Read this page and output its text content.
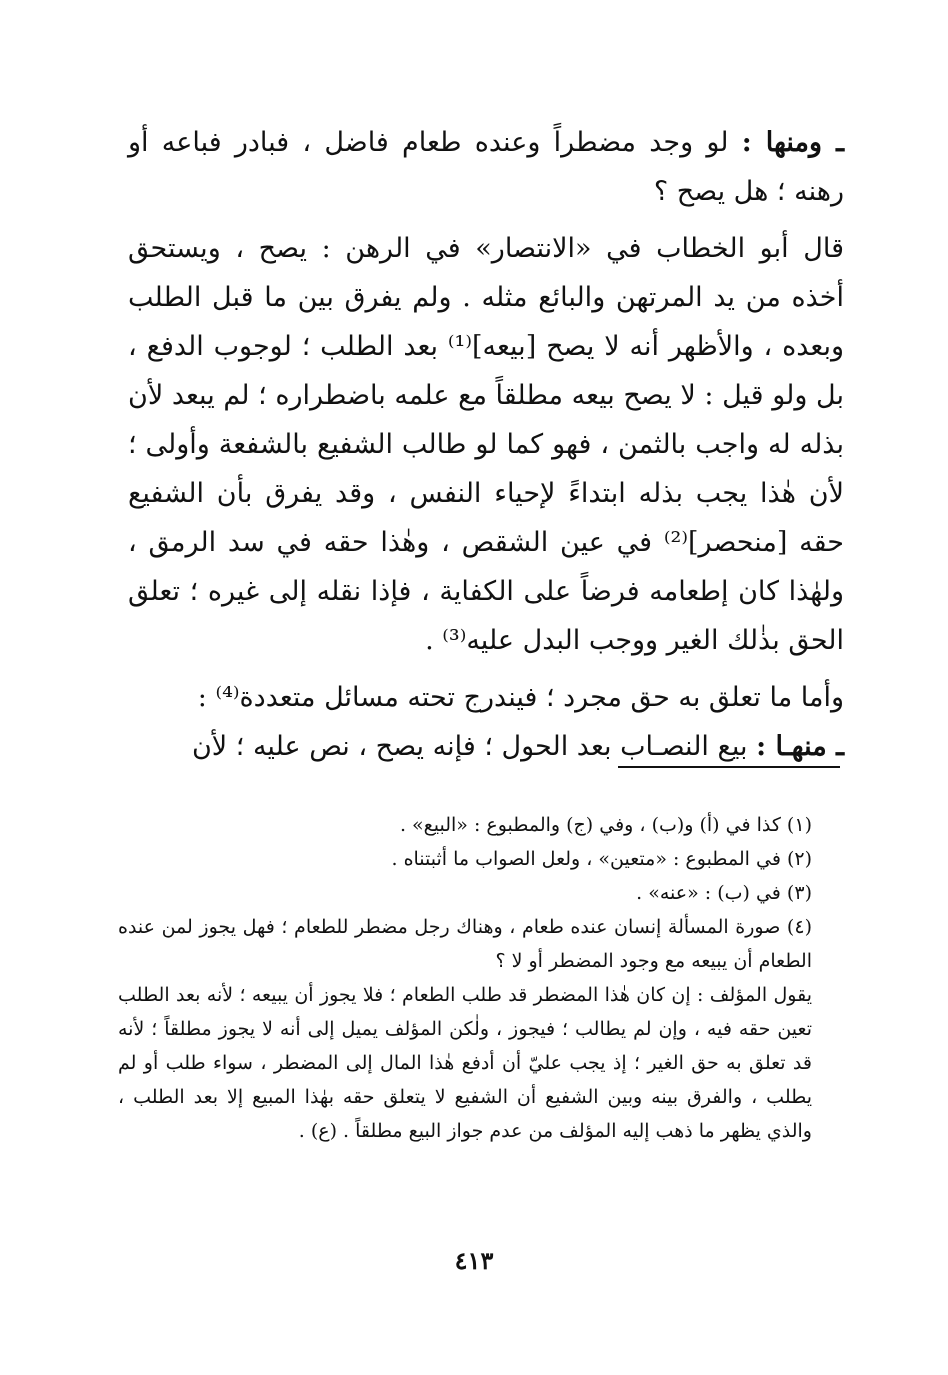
ـ ومنها : لو وجد مضطراً وعنده طعام فاضل ، فبادر فباعه أو رهنه ؛ هل يصح ؟

قال أبو الخطاب في «الانتصار» في الرهن : يصح ، ويستحق أخذه من يد المرتهن والبائع مثله . ولم يفرق بين ما قبل الطلب وبعده ، والأظهر أنه لا يصح [بيعه]⁽¹⁾ بعد الطلب ؛ لوجوب الدفع ، بل ولو قيل : لا يصح بيعه مطلقاً مع علمه باضطراره ؛ لم يبعد لأن بذله له واجب بالثمن ، فهو كما لو طالب الشفيع بالشفعة وأولى ؛ لأن هٰذا يجب بذله ابتداءً لإحياء النفس ، وقد يفرق بأن الشفيع حقه [منحصر]⁽²⁾ في عين الشقص ، وهٰذا حقه في سد الرمق ، ولهٰذا كان إطعامه فرضاً على الكفاية ، فإذا نقله إلى غيره ؛ تعلق الحق بذٰلك الغير ووجب البدل عليه⁽³⁾ .

وأما ما تعلق به حق مجرد ؛ فيندرج تحته مسائل متعددة⁽⁴⁾ :

ـ منهـا : بيع النصـاب بعد الحول ؛ فإنه يصح ، نص عليه ؛ لأن

(١) كذا في (أ) و(ب) ، وفي (ج) والمطبوع : «البيع» .

(٢) في المطبوع : «متعين» ، ولعل الصواب ما أثبتناه .

(٣) في (ب) : «عنه» .

(٤) صورة المسألة إنسان عنده طعام ، وهناك رجل مضطر للطعام ؛ فهل يجوز لمن عنده الطعام أن يبيعه مع وجود المضطر أو لا ؟

يقول المؤلف : إن كان هٰذا المضطر قد طلب الطعام ؛ فلا يجوز أن يبيعه ؛ لأنه بعد الطلب تعين حقه فيه ، وإن لم يطالب ؛ فيجوز ، ولٰكن المؤلف يميل إلى أنه لا يجوز مطلقاً ؛ لأنه قد تعلق به حق الغير ؛ إذ يجب عليّ أن أدفع هٰذا المال إلى المضطر ، سواء طلب أو لم يطلب ، والفرق بينه وبين الشفيع أن الشفيع لا يتعلق حقه بهٰذا المبيع إلا بعد الطلب ، والذي يظهر ما ذهب إليه المؤلف من عدم جواز البيع مطلقاً . (ع) .

٤١٣
